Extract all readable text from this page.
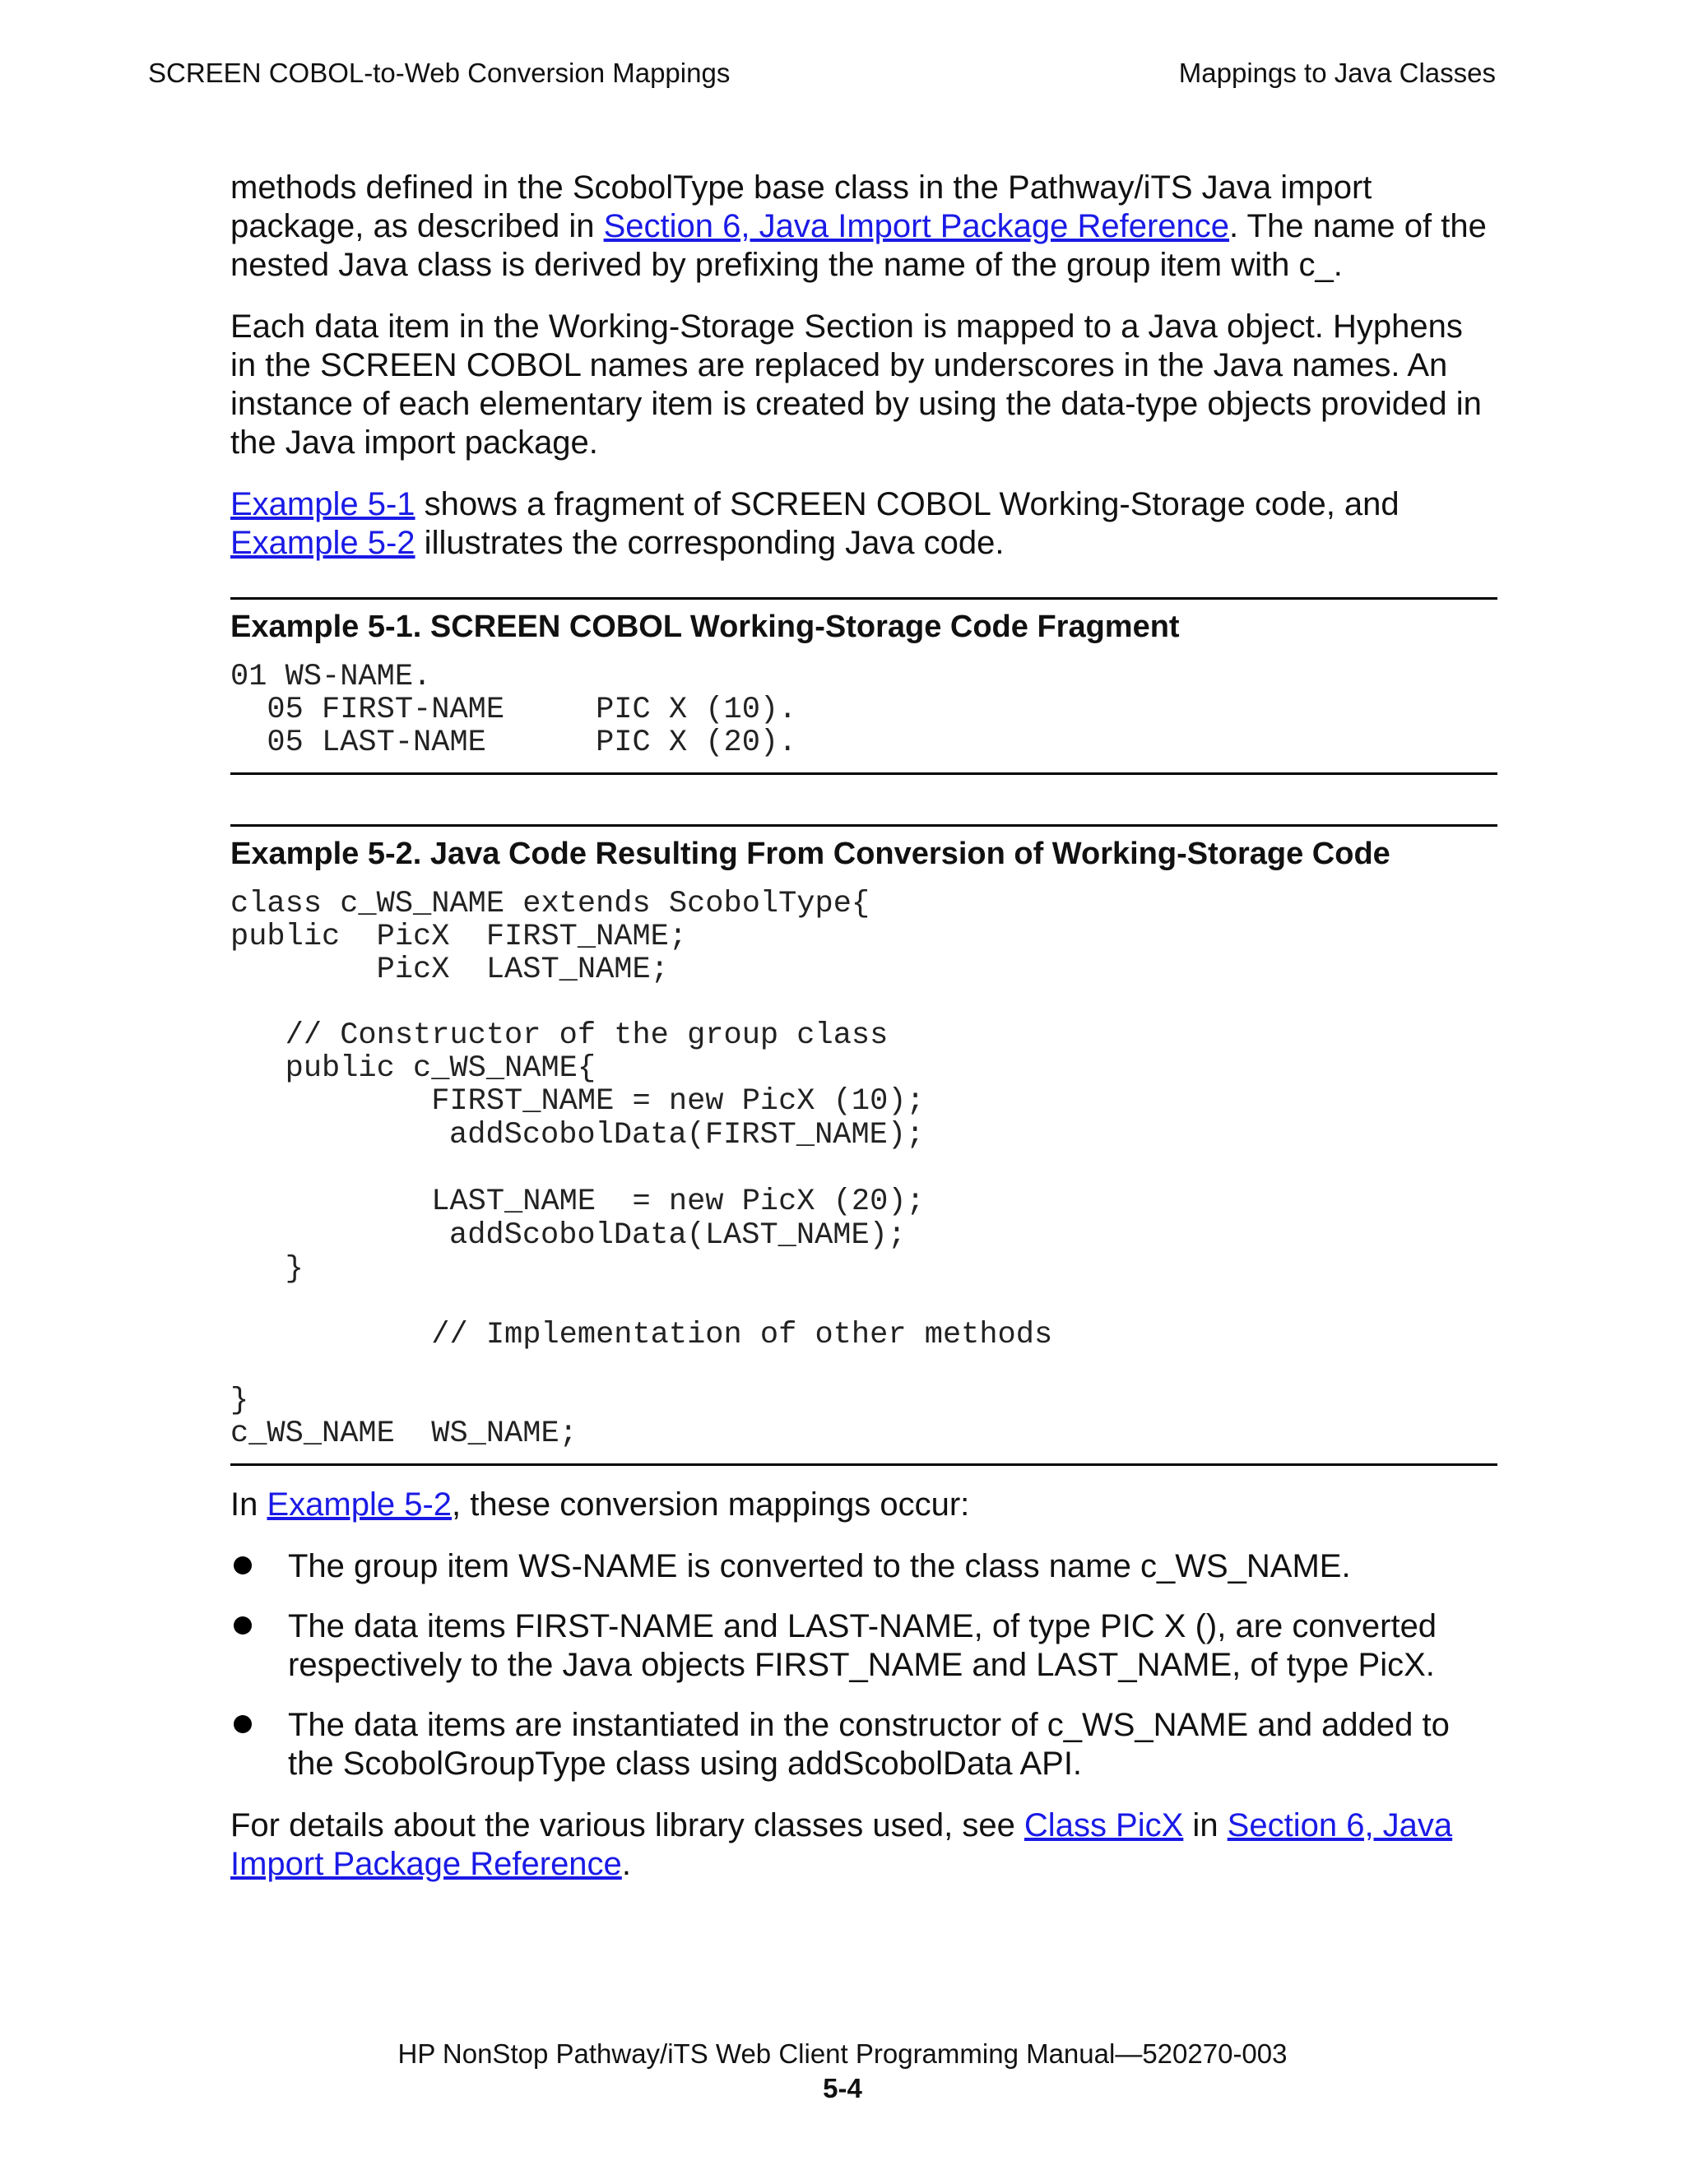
SCREEN COBOL-to-Web Conversion Mappings	Mappings to Java Classes

methods defined in the ScobolType base class in the Pathway/iTS Java import package, as described in Section 6, Java Import Package Reference. The name of the nested Java class is derived by prefixing the name of the group item with c_.

Each data item in the Working-Storage Section is mapped to a Java object. Hyphens in the SCREEN COBOL names are replaced by underscores in the Java names. An instance of each elementary item is created by using the data-type objects provided in the Java import package.

Example 5-1 shows a fragment of SCREEN COBOL Working-Storage code, and Example 5-2 illustrates the corresponding Java code.

Example 5-1. SCREEN COBOL Working-Storage Code Fragment
01 WS-NAME.
05 FIRST-NAME     PIC X (10).
05 LAST-NAME      PIC X (20).
Example 5-2. Java Code Resulting From Conversion of Working-Storage Code
class c_WS_NAME extends ScobolType{
public  PicX  FIRST_NAME;
PicX  LAST_NAME;

// Constructor of the group class
public c_WS_NAME{
FIRST_NAME = new PicX (10);
addScobolData(FIRST_NAME);

LAST_NAME  = new PicX (20);
addScobolData(LAST_NAME);
}

// Implementation of other methods

}
c_WS_NAME  WS_NAME;

In Example 5-2, these conversion mappings occur:

The group item WS-NAME is converted to the class name c_WS_NAME.
The data items FIRST-NAME and LAST-NAME, of type PIC X (), are converted respectively to the Java objects FIRST_NAME and LAST_NAME, of type PicX.
The data items are instantiated in the constructor of c_WS_NAME and added to the ScobolGroupType class using addScobolData API.

For details about the various library classes used, see Class PicX in Section 6, Java Import Package Reference.

HP NonStop Pathway/iTS Web Client Programming Manual—520270-003
5-4
